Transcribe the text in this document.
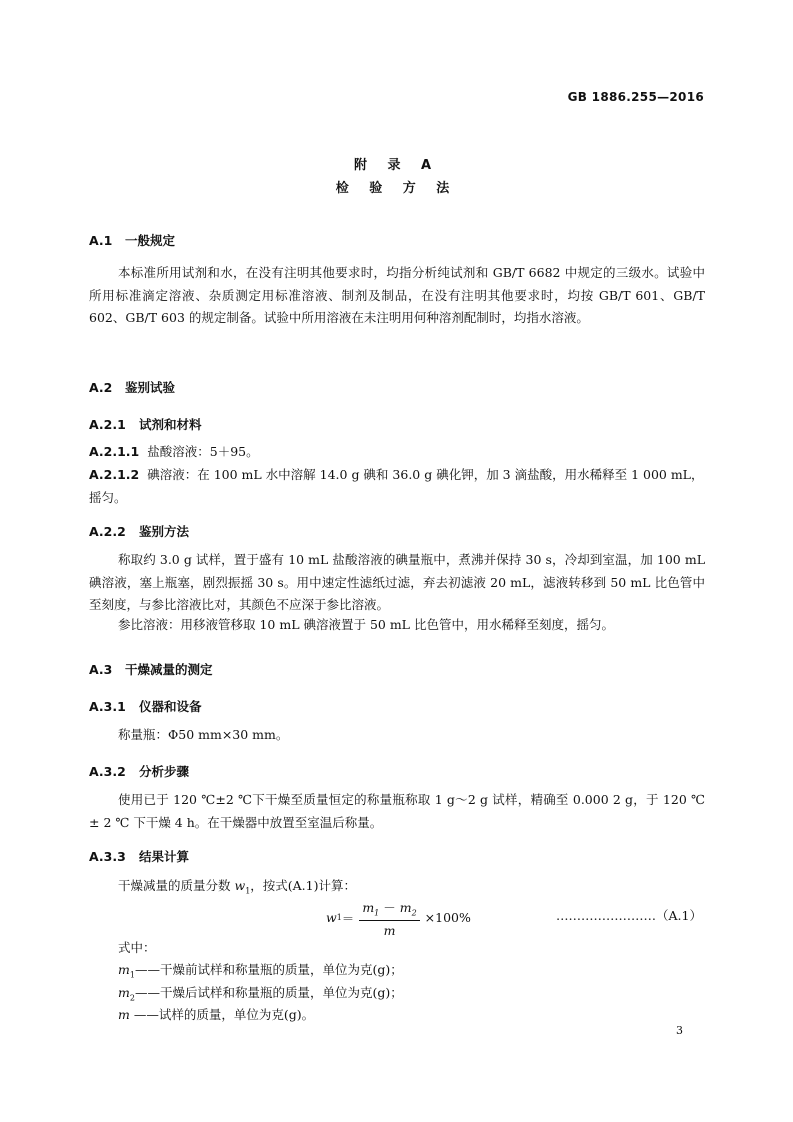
GB 1886.255—2016
附 录 A
检 验 方 法
A.1 一般规定
本标准所用试剂和水，在没有注明其他要求时，均指分析纯试剂和 GB/T 6682 中规定的三级水。试验中所用标准滴定溶液、杂质测定用标准溶液、制剂及制品，在没有注明其他要求时，均按 GB/T 601、GB/T 602、GB/T 603 的规定制备。试验中所用溶液在未注明用何种溶剂配制时，均指水溶液。
A.2 鉴别试验
A.2.1 试剂和材料
A.2.1.1 盐酸溶液：5＋95。
A.2.1.2 碘溶液：在 100 mL 水中溶解 14.0 g 碘和 36.0 g 碘化钾，加 3 滴盐酸，用水稀释至 1 000 mL，摇匀。
A.2.2 鉴别方法
称取约 3.0 g 试样，置于盛有 10 mL 盐酸溶液的碘量瓶中，煮沸并保持 30 s，冷却到室温，加 100 mL 碘溶液，塞上瓶塞，剧烈振摇 30 s。用中速定性滤纸过滤，弃去初滤液 20 mL，滤液转移到 50 mL 比色管中至刻度，与参比溶液比对，其颜色不应深于参比溶液。
参比溶液：用移液管移取 10 mL 碘溶液置于 50 mL 比色管中，用水稀释至刻度，摇匀。
A.3 干燥减量的测定
A.3.1 仪器和设备
称量瓶：Φ50 mm×30 mm。
A.3.2 分析步骤
使用已于 120 ℃±2 ℃下干燥至质量恒定的称量瓶称取 1 g～2 g 试样，精确至 0.000 2 g，于 120 ℃± 2 ℃ 下干燥 4 h。在干燥器中放置至室温后称量。
A.3.3 结果计算
干燥减量的质量分数 $w_1$，按式(A.1)计算：
w $1 = \frac{m_1 - m_2}{m} \times 100\%$	……………………（A.1）
式中：
$m_1——$干燥前试样和称量瓶的质量，单位为克(g)；
$m_2——$干燥后试样和称量瓶的质量，单位为克(g)；
m ——试样的质量，单位为克(g)。
3
